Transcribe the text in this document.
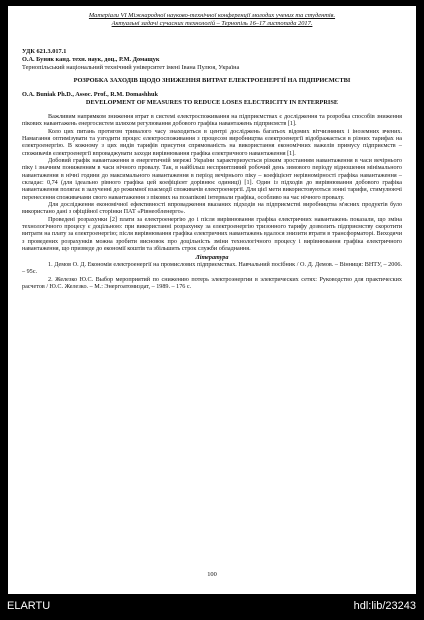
Матеріали VI Міжнародної науково-технічної конференції молодих учених та студентів.
Актуальні задачі сучасних технологій – Тернопіль 16–17 листопада 2017.
УДК 621.3.017.1
О.А. Буняк канд. техн. наук, доц., Р.М. Домащук
Тернопільський національний технічний університет імені Івана Пулюя, Україна
РОЗРОБКА ЗАХОДІВ ЩОДО ЗНИЖЕННЯ ВИТРАТ ЕЛЕКТРОЕНЕРГІЇ НА ПІДПРИЄМСТВІ
O.A. Buniak Ph.D., Assoc. Prof., R.M. Domashhuk
DEVELOPMENT OF MEASURES TO REDUCE LOSES ELECTRICITY IN ENTERPRISE

Важливим напрямком зниження втрат в системі електроспоживання на підприємствах є дослідження та розробка способів зниження пікових навантажень енергосистем шляхом регулювання добового графіка навантажень підприємств [1].

Коло цих питань протягом тривалого часу знаходиться в центрі досліджень багатьох відомих вітчизняних і іноземних вчених. Намагання оптимізувати та узгодити процес електроспоживання з процесом виробництва електроенергії відображається в різних тарифах на електроенергію. В кожному з цих видів тарифів присутня спрямованість на використання економічних важелів примусу підприємств – споживачів електроенергії впроваджувати заходи вирівнювання графіка електричного навантаження [1].

Добовий графік навантаження в енергетичній мережі України характеризується різким зростанням навантаження в часи вечірнього піку і значним пониженням в часи нічного провалу. Так, в найбільш несприятливий робочий день зимового періоду відношення мінімального навантаження в нічні години до максимального навантаження в період вечірнього піку – коефіцієнт нерівномірності графіка навантаження – складає: 0,74 (для ідеально рівного графіка цей коефіцієнт дорівнює одиниці) [1]. Один із підходів до вирівнювання добового графіка навантаження полягає в залученні до режимної взаємодії споживачів електроенергії. Для цієї мети використовуються зонні тарифи, стимулюючі перенесення споживачами свого навантаження з пікових на позапікові інтервали графіка, особливо на час нічного провалу.

Для дослідження економічної ефективності впровадження вказаних підходів на підприємстві виробництва м'ясних продуктів було використано дані з офіційної сторінки ПАТ «Рівнеобленерго».

Проведені розрахунки [2] плати за електроенергію до і після вирівнювання графіка електричних навантажень показали, що зміна технологічного процесу є доцільною: при використанні розрахунку за електроенергію тризонного тарифу дозволить підприємству скоротити витрати на плату за електроенергію; після вирівнювання графіка електричних навантажень вдалося знизити втрати в трансформаторі. Виходячи з проведених розрахунків можна зробити висновок про доцільність зміни технологічного процесу і вирівнювання графіка електричного навантаження, що призведе до економії коштів та збільшить строк служби обладнання.

Література

1. Демов О. Д. Економія електроенергії на промислових підприємствах. Навчальний посібник / О. Д. Демов. – Вінниця: ВНТУ, – 2006. – 95с.

2. Железко Ю.С. Выбор мероприятий по снижению потерь электроэнергии в электрических сетях: Руководство для практических расчетов / Ю.С. Железко. – М.: Энергоатомиздат, – 1989. – 176 с.

100
ELARTU	hdl:lib/23243
